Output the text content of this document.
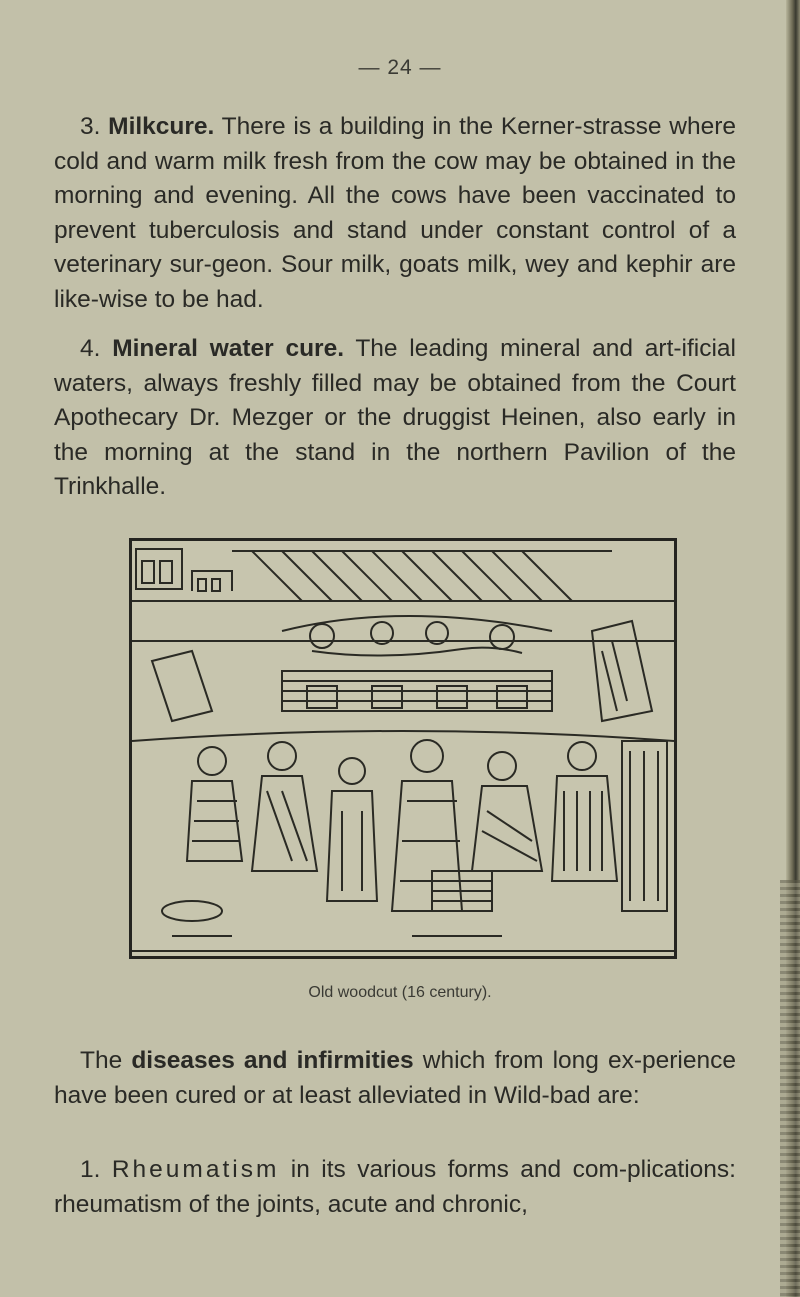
— 24 —

3. Milkcure. There is a building in the Kerner-strasse where cold and warm milk fresh from the cow may be obtained in the morning and evening. All the cows have been vaccinated to prevent tuberculosis and stand under constant control of a veterinary sur-geon. Sour milk, goats milk, wey and kephir are like-wise to be had.

4. Mineral water cure. The leading mineral and art-ificial waters, always freshly filled may be obtained from the Court Apothecary Dr. Mezger or the druggist Heinen, also early in the morning at the stand in the northern Pavilion of the Trinkhalle.

Old woodcut (16 century).

The diseases and infirmities which from long ex-perience have been cured or at least alleviated in Wild-bad are:

1. Rheumatism in its various forms and com-plications: rheumatism of the joints, acute and chronic,
